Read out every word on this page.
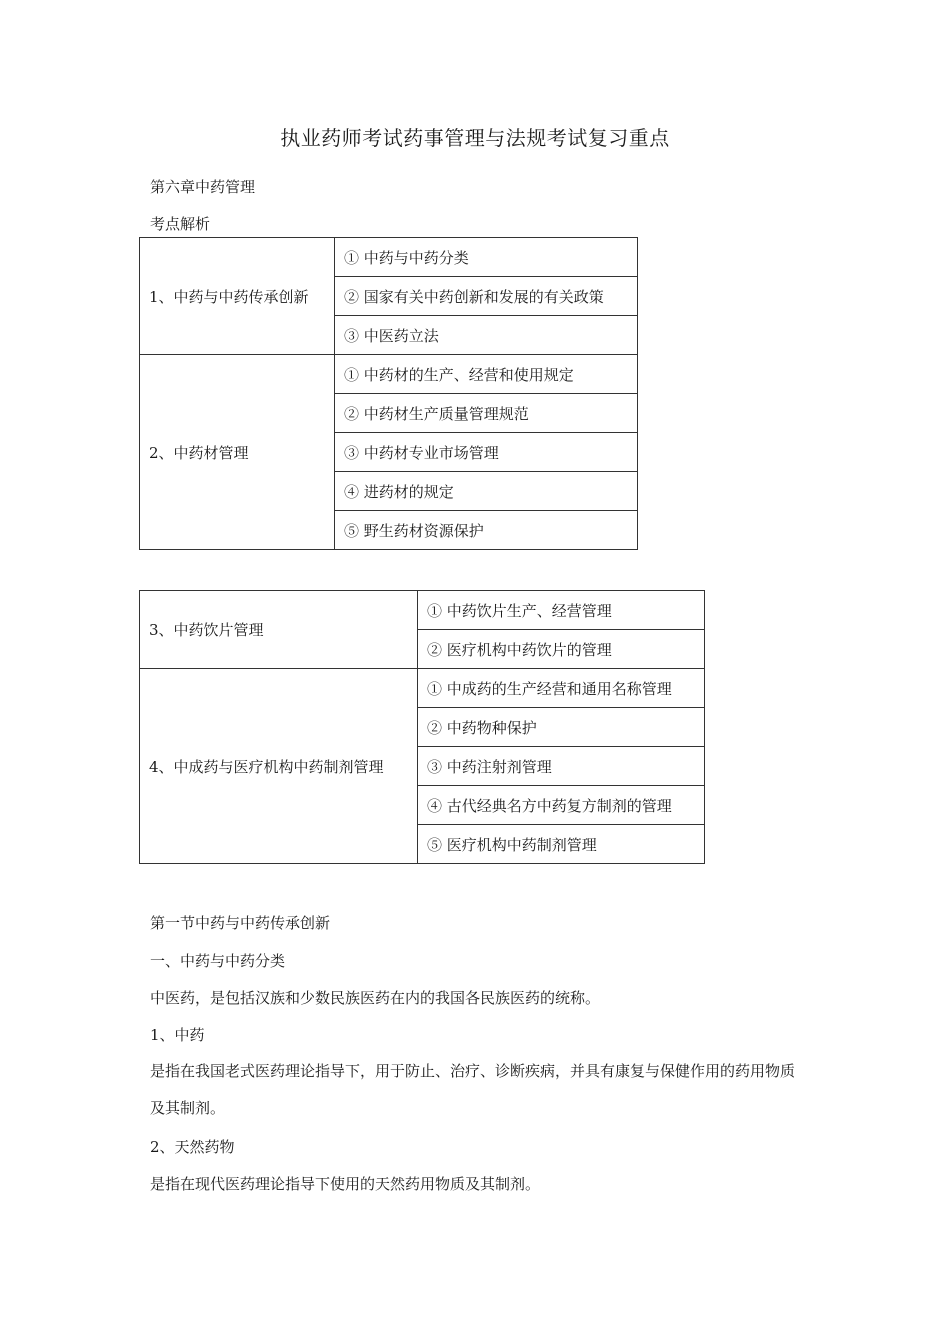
执业药师考试药事管理与法规考试复习重点
第六章中药管理
考点解析
1、中药与中药传承创新	① 中药与中药分类
	② 国家有关中药创新和发展的有关政策
	③ 中医药立法
2、中药材管理	① 中药材的生产、经营和使用规定
	② 中药材生产质量管理规范
	③ 中药材专业市场管理
	④ 进药材的规定
	⑤ 野生药材资源保护
3、中药饮片管理	① 中药饮片生产、经营管理
	② 医疗机构中药饮片的管理
4、中成药与医疗机构中药制剂管理	① 中成药的生产经营和通用名称管理
	② 中药物种保护
	③ 中药注射剂管理
	④ 古代经典名方中药复方制剂的管理
	⑤ 医疗机构中药制剂管理
第一节中药与中药传承创新
一、中药与中药分类
中医药，是包括汉族和少数民族医药在内的我国各民族医药的统称。
1、中药
是指在我国老式医药理论指导下，用于防止、治疗、诊断疾病，并具有康复与保健作用的药用物质及其制剂。
2、天然药物
是指在现代医药理论指导下使用的天然药用物质及其制剂。
